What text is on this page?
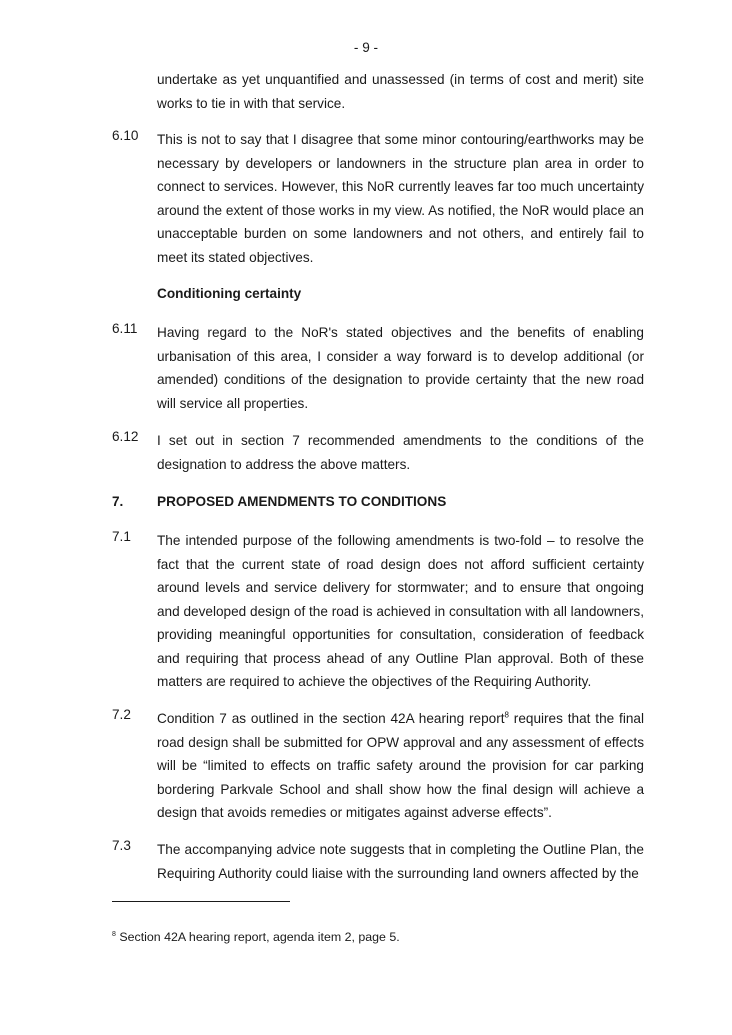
- 9 -
undertake as yet unquantified and unassessed (in terms of cost and merit) site works to tie in with that service.
6.10	This is not to say that I disagree that some minor contouring/earthworks may be necessary by developers or landowners in the structure plan area in order to connect to services. However, this NoR currently leaves far too much uncertainty around the extent of those works in my view. As notified, the NoR would place an unacceptable burden on some landowners and not others, and entirely fail to meet its stated objectives.
Conditioning certainty
6.11	Having regard to the NoR's stated objectives and the benefits of enabling urbanisation of this area, I consider a way forward is to develop additional (or amended) conditions of the designation to provide certainty that the new road will service all properties.
6.12	I set out in section 7 recommended amendments to the conditions of the designation to address the above matters.
7. PROPOSED AMENDMENTS TO CONDITIONS
7.1	The intended purpose of the following amendments is two-fold – to resolve the fact that the current state of road design does not afford sufficient certainty around levels and service delivery for stormwater; and to ensure that ongoing and developed design of the road is achieved in consultation with all landowners, providing meaningful opportunities for consultation, consideration of feedback and requiring that process ahead of any Outline Plan approval. Both of these matters are required to achieve the objectives of the Requiring Authority.
7.2	Condition 7 as outlined in the section 42A hearing report$^8$ requires that the final road design shall be submitted for OPW approval and any assessment of effects will be “limited to effects on traffic safety around the provision for car parking bordering Parkvale School and shall show how the final design will achieve a design that avoids remedies or mitigates against adverse effects”.
7.3	The accompanying advice note suggests that in completing the Outline Plan, the Requiring Authority could liaise with the surrounding land owners affected by the
$^8$ Section 42A hearing report, agenda item 2, page 5.
